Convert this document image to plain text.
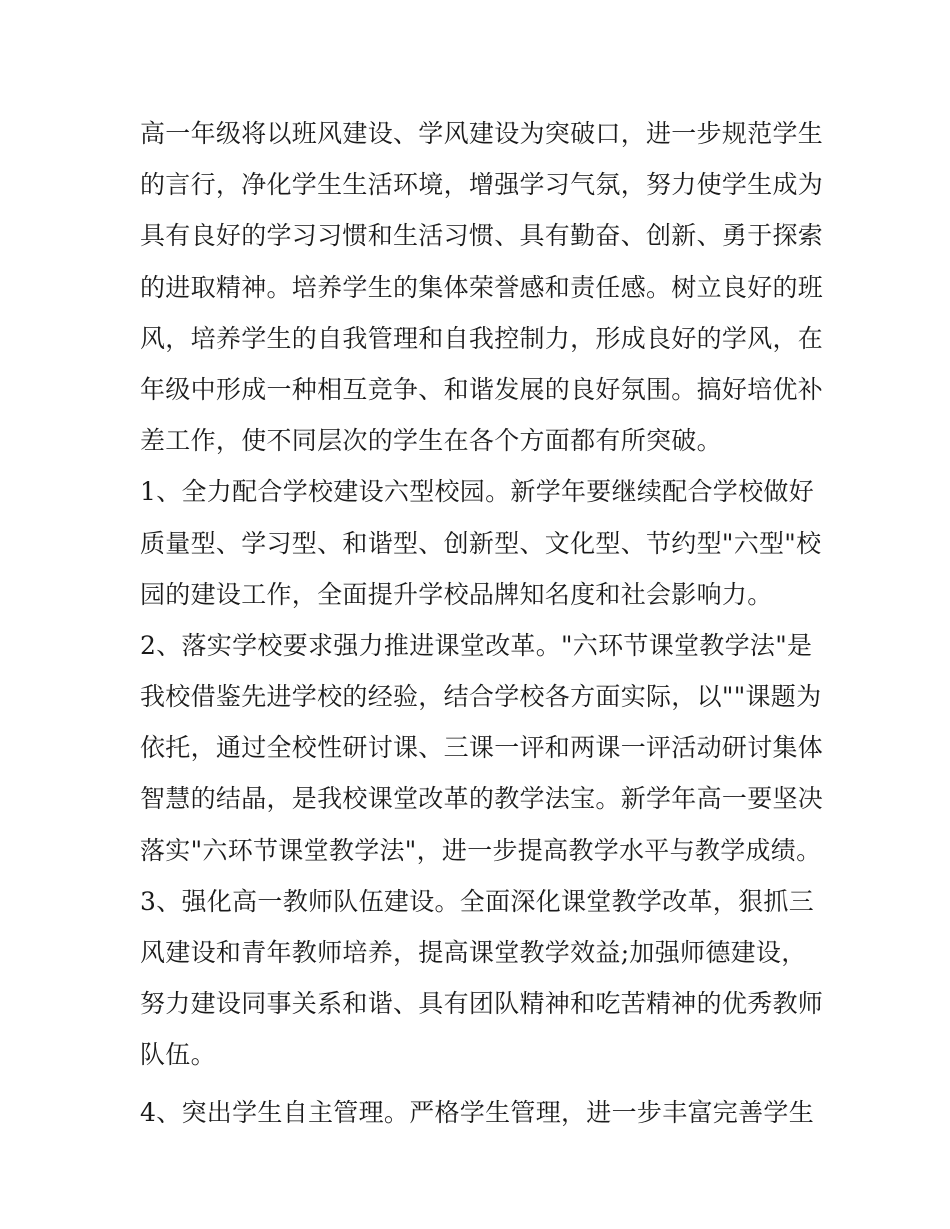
高一年级将以班风建设、学风建设为突破口，进一步规范学生
的言行，净化学生生活环境，增强学习气氛，努力使学生成为
具有良好的学习习惯和生活习惯、具有勤奋、创新、勇于探索
的进取精神。培养学生的集体荣誉感和责任感。树立良好的班
风，培养学生的自我管理和自我控制力，形成良好的学风，在
年级中形成一种相互竞争、和谐发展的良好氛围。搞好培优补
差工作，使不同层次的学生在各个方面都有所突破。
1、全力配合学校建设六型校园。新学年要继续配合学校做好
质量型、学习型、和谐型、创新型、文化型、节约型"六型"校
园的建设工作，全面提升学校品牌知名度和社会影响力。
2、落实学校要求强力推进课堂改革。"六环节课堂教学法"是
我校借鉴先进学校的经验，结合学校各方面实际，以""课题为
依托，通过全校性研讨课、三课一评和两课一评活动研讨集体
智慧的结晶，是我校课堂改革的教学法宝。新学年高一要坚决
落实"六环节课堂教学法"，进一步提高教学水平与教学成绩。
3、强化高一教师队伍建设。全面深化课堂教学改革，狠抓三
风建设和青年教师培养，提高课堂教学效益;加强师德建设，
努力建设同事关系和谐、具有团队精神和吃苦精神的优秀教师
队伍。
4、突出学生自主管理。严格学生管理，进一步丰富完善学生
